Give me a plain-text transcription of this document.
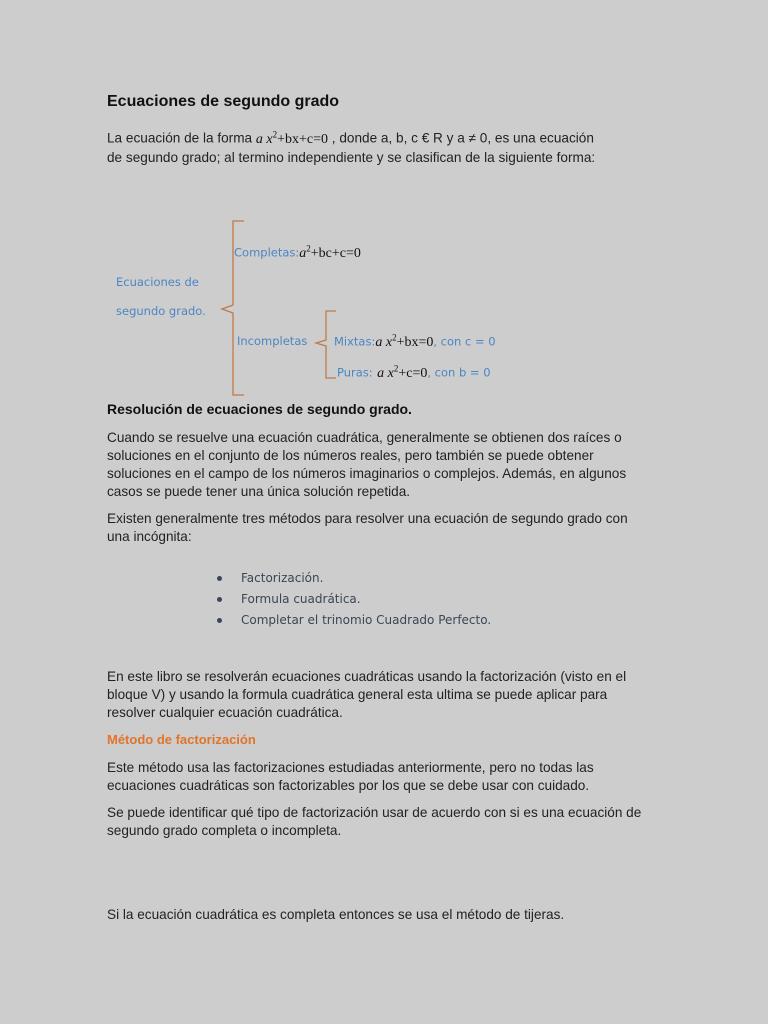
Ecuaciones de segundo grado
La ecuación de la forma a $x^2+bx+c=0$ , donde a, b, c € R y a ≠ 0, es una ecuación
de segundo grado; al termino independiente y se clasifican de la siguiente forma:
Ecuaciones de
segundo grado.
$Completas:a^2+bc+c=0$
Incompletas Mixtas:a $x^2+bx=0$, con c = 0
Puras: a $x^2+c=0$, con b = 0
Resolución de ecuaciones de segundo grado.
Cuando se resuelve una ecuación cuadrática, generalmente se obtienen dos raíces o soluciones en el conjunto de los números reales, pero también se puede obtener soluciones en el campo de los números imaginarios o complejos. Además, en algunos casos se puede tener una única solución repetida.
Existen generalmente tres métodos para resolver una ecuación de segundo grado con una incógnita:
Factorización.
Formula cuadrática.
Completar el trinomio Cuadrado Perfecto.
En este libro se resolverán ecuaciones cuadráticas usando la factorización (visto en el bloque V) y usando la formula cuadrática general esta ultima se puede aplicar para resolver cualquier ecuación cuadrática.
Método de factorización
Este método usa las factorizaciones estudiadas anteriormente, pero no todas las ecuaciones cuadráticas son factorizables por los que se debe usar con cuidado.
Se puede identificar qué tipo de factorización usar de acuerdo con si es una ecuación de segundo grado completa o incompleta.
Si la ecuación cuadrática es completa entonces se usa el método de tijeras.
